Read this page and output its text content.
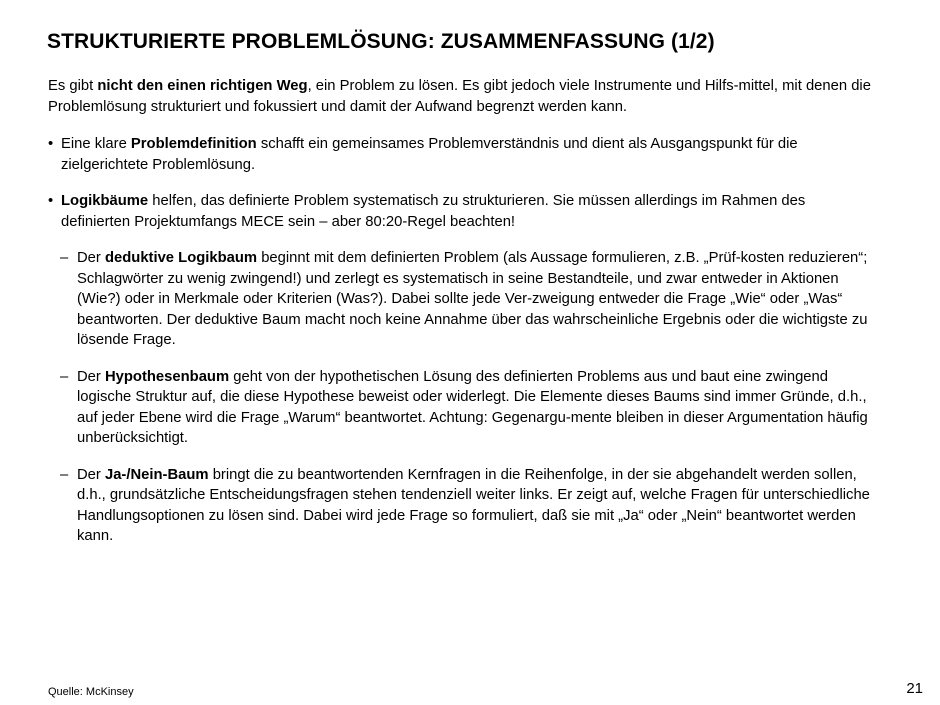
STRUKTURIERTE PROBLEMLÖSUNG: ZUSAMMENFASSUNG (1/2)

Es gibt nicht den einen richtigen Weg, ein Problem zu lösen. Es gibt jedoch viele Instrumente und Hilfs-mittel, mit denen die Problemlösung strukturiert und fokussiert und damit der Aufwand begrenzt werden kann.

• Eine klare Problemdefinition schafft ein gemeinsames Problemverständnis und dient als Ausgangspunkt für die zielgerichtete Problemlösung.

• Logikbäume helfen, das definierte Problem systematisch zu strukturieren. Sie müssen allerdings im Rahmen des definierten Projektumfangs MECE sein – aber 80:20-Regel beachten!

– Der deduktive Logikbaum beginnt mit dem definierten Problem (als Aussage formulieren, z.B. „Prüf-kosten reduzieren“; Schlagwörter zu wenig zwingend!) und zerlegt es systematisch in seine Bestandteile, und zwar entweder in Aktionen (Wie?) oder in Merkmale oder Kriterien (Was?). Dabei sollte jede Ver-zweigung entweder die Frage „Wie“ oder „Was“ beantworten. Der deduktive Baum macht noch keine Annahme über das wahrscheinliche Ergebnis oder die wichtigste zu lösende Frage.

– Der Hypothesenbaum geht von der hypothetischen Lösung des definierten Problems aus und baut eine zwingend logische Struktur auf, die diese Hypothese beweist oder widerlegt. Die Elemente dieses Baums sind immer Gründe, d.h., auf jeder Ebene wird die Frage „Warum“ beantwortet. Achtung: Gegenargu-mente bleiben in dieser Argumentation häufig unberücksichtigt.

– Der Ja-/Nein-Baum bringt die zu beantwortenden Kernfragen in die Reihenfolge, in der sie abgehandelt werden sollen, d.h., grundsätzliche Entscheidungsfragen stehen tendenziell weiter links. Er zeigt auf, welche Fragen für unterschiedliche Handlungsoptionen zu lösen sind. Dabei wird jede Frage so formuliert, daß sie mit „Ja“ oder „Nein“ beantwortet werden kann.

Quelle: McKinsey	21
